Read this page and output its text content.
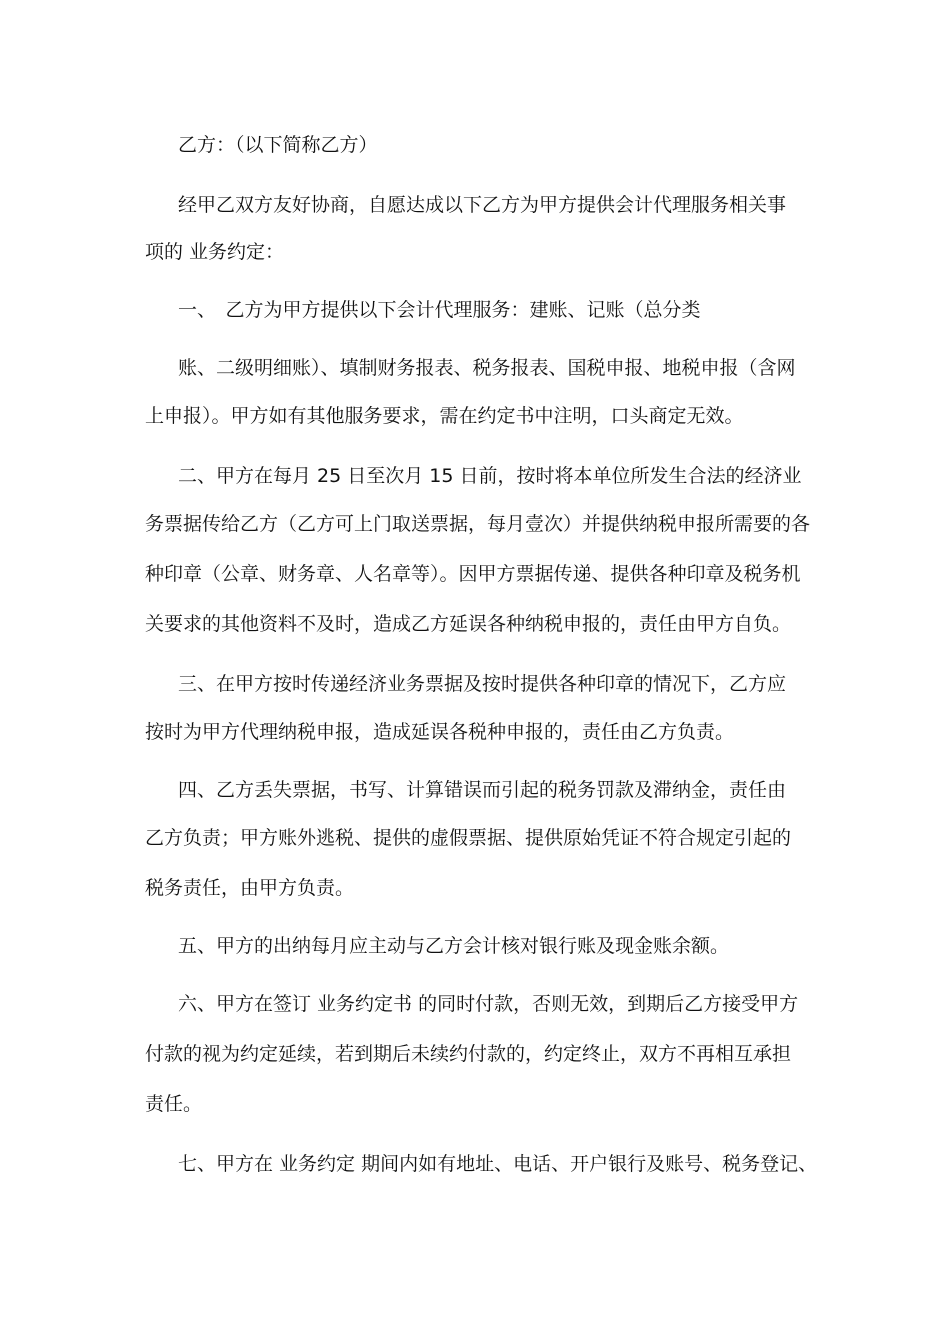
乙方：（以下简称乙方）
经甲乙双方友好协商，自愿达成以下乙方为甲方提供会计代理服务相关事
项的 业务约定：
一、　乙方为甲方提供以下会计代理服务：建账、记账（总分类
账、二级明细账）、填制财务报表、税务报表、国税申报、地税申报（含网
上申报）。甲方如有其他服务要求，需在约定书中注明，口头商定无效。
二、甲方在每月 25 日至次月 15 日前，按时将本单位所发生合法的经济业
务票据传给乙方（乙方可上门取送票据，每月壹次）并提供纳税申报所需要的各
种印章（公章、财务章、人名章等）。因甲方票据传递、提供各种印章及税务机
关要求的其他资料不及时，造成乙方延误各种纳税申报的，责任由甲方自负。
三、在甲方按时传递经济业务票据及按时提供各种印章的情况下，乙方应
按时为甲方代理纳税申报，造成延误各税种申报的，责任由乙方负责。
四、乙方丢失票据，书写、计算错误而引起的税务罚款及滞纳金，责任由
乙方负责；甲方账外逃税、提供的虚假票据、提供原始凭证不符合规定引起的
税务责任，由甲方负责。
五、甲方的出纳每月应主动与乙方会计核对银行账及现金账余额。
六、甲方在签订 业务约定书 的同时付款，否则无效，到期后乙方接受甲方
付款的视为约定延续，若到期后未续约付款的，约定终止，双方不再相互承担
责任。
七、甲方在 业务约定 期间内如有地址、电话、开户银行及账号、税务登记、
